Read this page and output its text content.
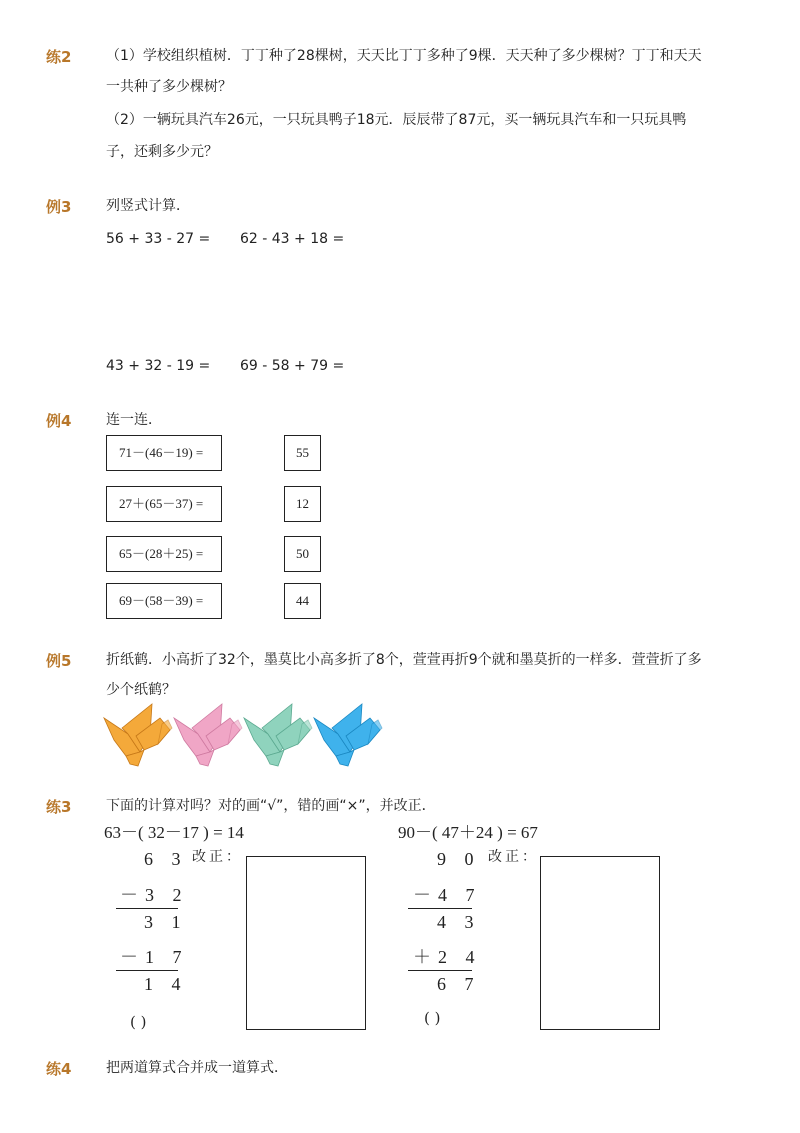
练2 （1）学校组织植树．丁丁种了28棵树，天天比丁丁多种了9棵．天天种了多少棵树？丁丁和天天
一共种了多少棵树？
（2）一辆玩具汽车26元，一只玩具鸭子18元．辰辰带了87元，买一辆玩具汽车和一只玩具鸭
子，还剩多少元？
例3 列竖式计算．
56 + 33 - 27 = 62 - 43 + 18 =
43 + 32 - 19 = 69 - 58 + 79 =
例4 连一连．
71－(46－19) =
27＋(65－37) =
65－(28＋25) =
69－(58－39) =
55
12
50
44
例5 折纸鹤．小高折了32个，墨莫比小高多折了8个，萱萱再折9个就和墨莫折的一样多．萱萱折了多
少个纸鹤？
练3 下面的计算对吗？对的画“√”，错的画“×”，并改正．
63－( 32－17 ) = 14
6 3
－3 2
3 1
－1 7
1 4
( )
改正：
90－( 47＋24 ) = 67
9 0
－4 7
4 3
＋2 4
6 7
( )
改正：
练4 把两道算式合并成一道算式．
